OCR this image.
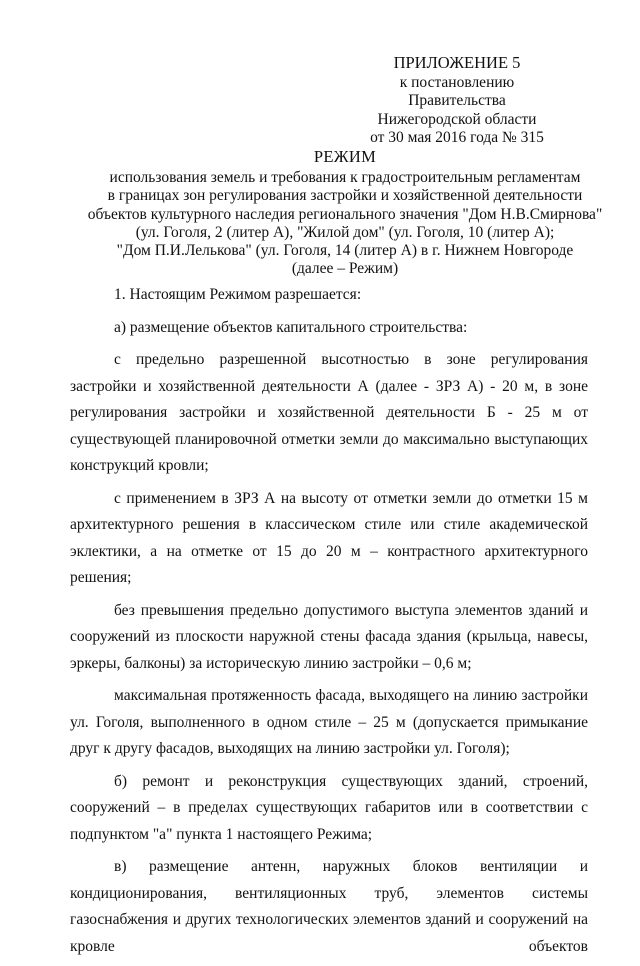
ПРИЛОЖЕНИЕ 5
к постановлению Правительства
Нижегородской области
от 30 мая 2016 года № 315
РЕЖИМ
использования земель и требования к градостроительным регламентам
в границах зон регулирования застройки и хозяйственной деятельности
объектов культурного наследия регионального значения "Дом Н.В.Смирнова"
(ул. Гоголя, 2 (литер А), "Жилой дом" (ул. Гоголя, 10 (литер А);
"Дом П.И.Лелькова" (ул. Гоголя, 14 (литер А) в г. Нижнем Новгороде
(далее – Режим)

1. Настоящим Режимом разрешается:

а) размещение объектов капитального строительства:

с предельно разрешенной высотностью в зоне регулирования застройки и хозяйственной деятельности А (далее - ЗРЗ А) - 20 м, в зоне регулирования застройки и хозяйственной деятельности Б - 25 м от существующей планировочной отметки земли до максимально выступающих конструкций кровли;

с применением в ЗРЗ А на высоту от отметки земли до отметки 15 м архитектурного решения в классическом стиле или стиле академической эклектики, а на отметке от 15 до 20 м – контрастного архитектурного решения;

без превышения предельно допустимого выступа элементов зданий и сооружений из плоскости наружной стены фасада здания (крыльца, навесы, эркеры, балконы) за историческую линию застройки – 0,6 м;

максимальная протяженность фасада, выходящего на линию застройки ул. Гоголя, выполненного в одном стиле – 25 м (допускается примыкание друг к другу фасадов, выходящих на линию застройки ул. Гоголя);

б) ремонт и реконструкция существующих зданий, строений, сооружений – в пределах существующих габаритов или в соответствии с подпунктом "а" пункта 1 настоящего Режима;

в) размещение антенн, наружных блоков вентиляции и кондиционирования, вентиляционных труб, элементов системы газоснабжения и других технологических элементов зданий и сооружений на кровле объектов
